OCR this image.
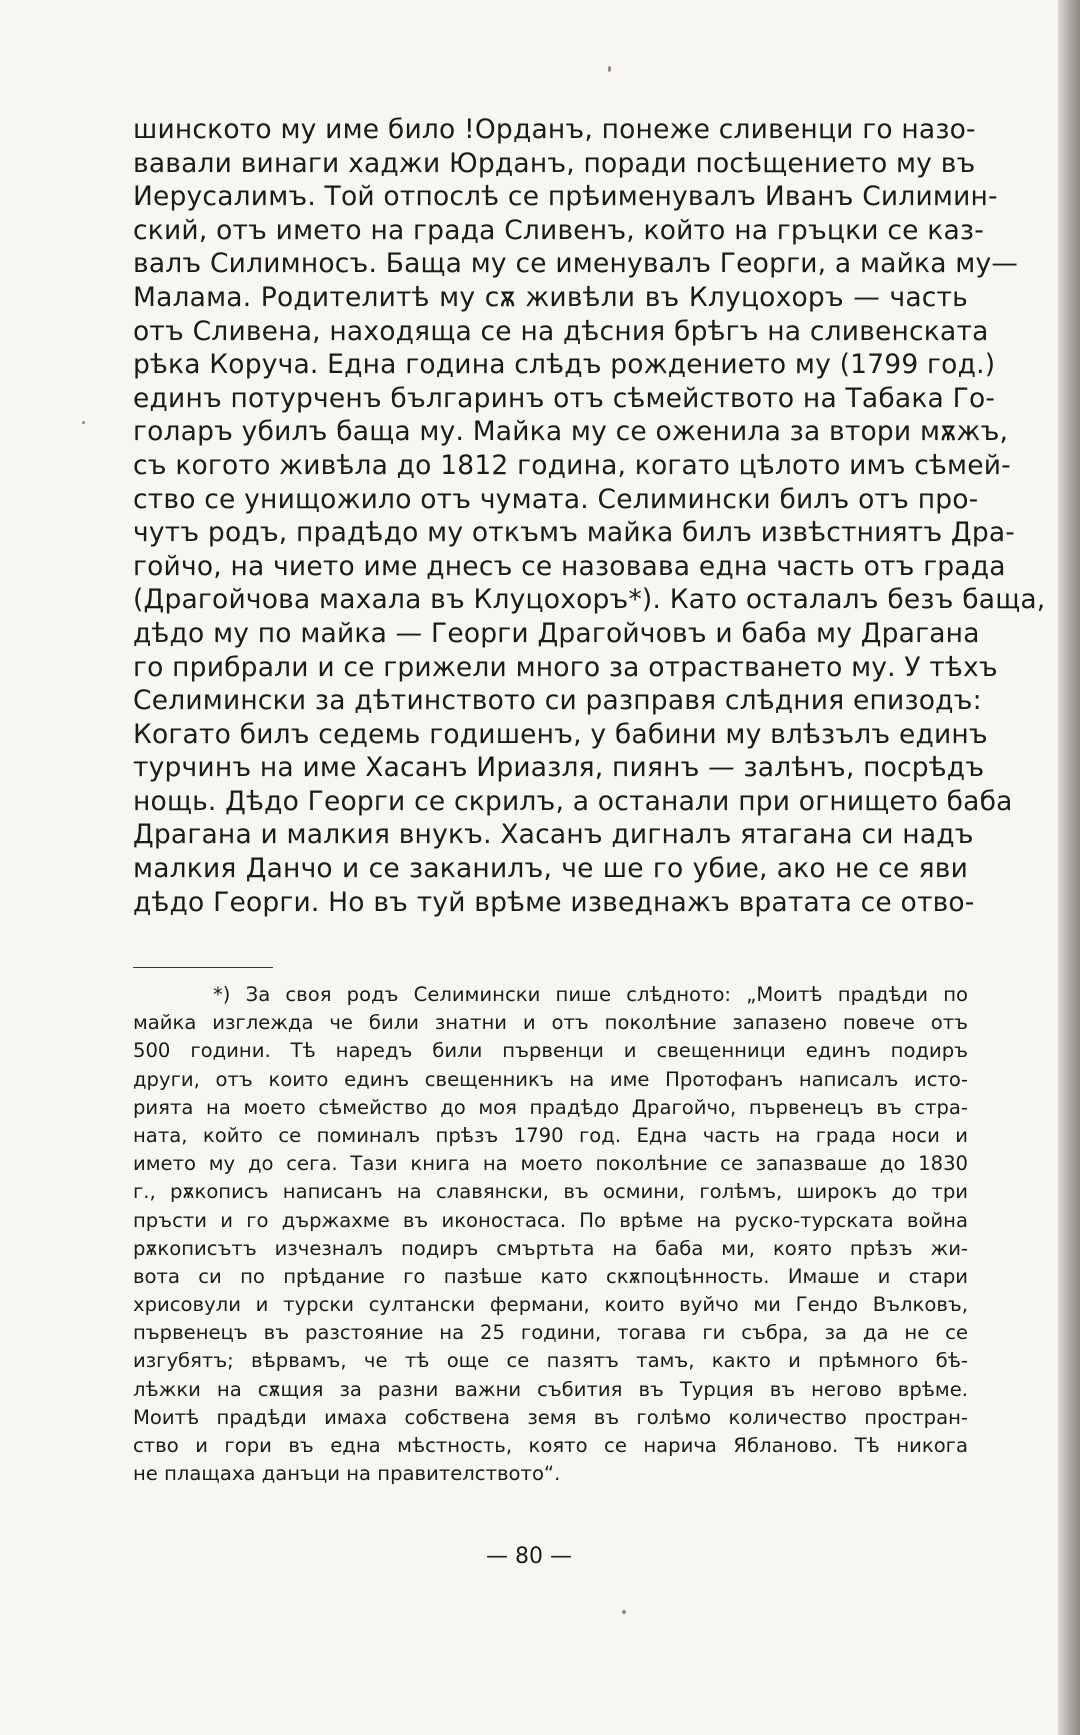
шинското му име било !Орданъ, понеже сливенци го назо-
вавали винаги хаджи Юрданъ, поради посѣщението му въ
Иерусалимъ. Той отпослѣ се прѣименувалъ Иванъ Силимин-
ский, отъ името на града Сливенъ, който на гръцки се каз-
валъ Силимносъ. Баща му се именувалъ Георги, а майка му—
Малама. Родителитѣ му сѫ живѣли въ Клуцохоръ — часть
отъ Сливена, находяща се на дѣсния брѣгъ на сливенската
рѣка Коруча. Една година слѣдъ рождението му (1799 год.)
единъ потурченъ българинъ отъ сѣмейството на Табака Го-
голаръ убилъ баща му. Майка му се оженила за втори мѫжъ,
съ когото живѣла до 1812 година, когато цѣлото имъ сѣмей-
ство се унищожило отъ чумата. Селимински билъ отъ про-
чутъ родъ, прадѣдо му откъмъ майка билъ извѣстниятъ Дра-
гойчо, на чието име днесъ се назовава една часть отъ града
(Драгойчова махала въ Клуцохоръ*). Като осталалъ безъ баща,
дѣдо му по майка — Георги Драгойчовъ и баба му Драгана
го прибрали и се грижели много за отрастването му. У тѣхъ
Селимински за дѣтинството си разправя слѣдния епизодъ:
Когато билъ седемь годишенъ, у бабини му влѣзълъ единъ
турчинъ на име Хасанъ Ириазля, пиянъ — залѣнъ, посрѣдъ
нощь. Дѣдо Георги се скрилъ, а останали при огнището баба
Драгана и малкия внукъ. Хасанъ дигналъ ятагана си надъ
малкия Данчо и се заканилъ, че ше го убие, ако не се яви
дѣдо Георги. Но въ туй врѣме изведнажъ вратата се отво-
*) За своя родъ Селимински пише слѣдното: „Моитѣ прадѣди по
майка изглежда че били знатни и отъ поколѣние запазено повече отъ
500 години. Тѣ наредъ били първенци и свещенници единъ подиръ
други, отъ които единъ свещенникъ на име Протофанъ написалъ исто-
рията на моето сѣмейство до моя прадѣдо Драгойчо, първенецъ въ стра-
ната, който се поминалъ прѣзъ 1790 год. Една часть на града носи и
името му до сега. Тази книга на моето поколѣние се запазваше до 1830
г., рѫкописъ написанъ на славянски, въ осмини, голѣмъ, широкъ до три
пръсти и го държахме въ иконостаса. По врѣме на руско-турската война
рѫкописътъ изчезналъ подиръ смъртьта на баба ми, която прѣзъ жи-
вота си по прѣдание го пазѣше като скѫпоцѣнность. Имаше и стари
хрисовули и турски султански фермани, които вуйчо ми Гендо Вълковъ,
първенецъ въ разстояние на 25 години, тогава ги събра, за да не се
изгубятъ; вѣрвамъ, че тѣ още се пазятъ тамъ, както и прѣмного бѣ-
лѣжки на сѫщия за разни важни събития въ Турция въ негово врѣме.
Моитѣ прадѣди имаха собствена земя въ голѣмо количество простран-
ство и гори въ една мѣстность, която се нарича Ябланово. Тѣ никога
не плащаха данъци на правителството“.
— 80 —
